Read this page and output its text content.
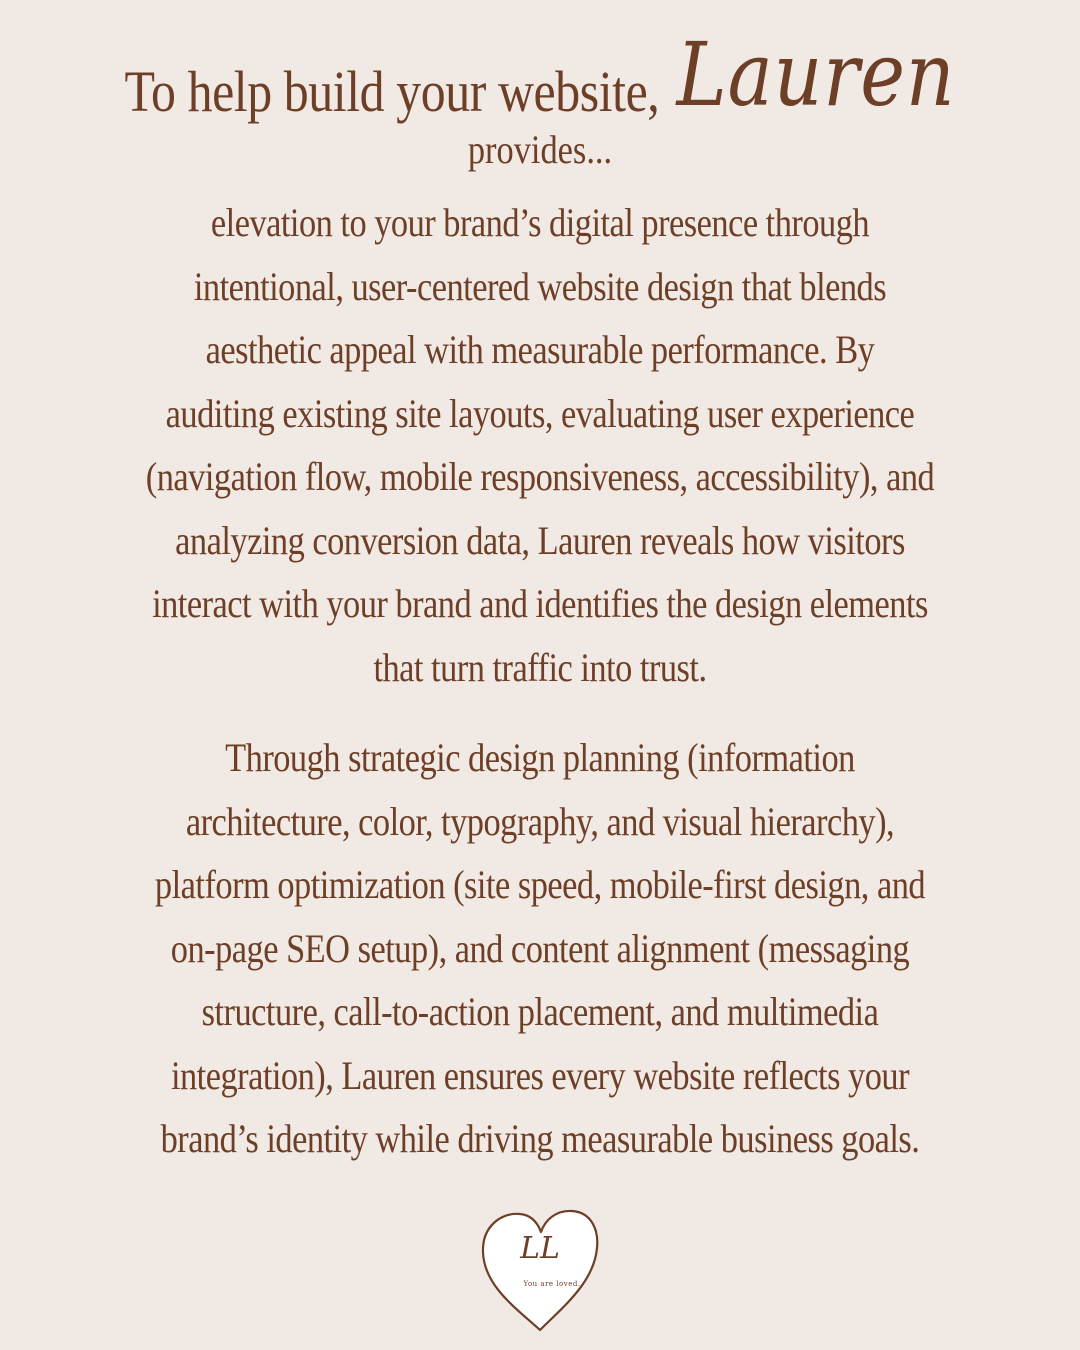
To help build your website, Lauren
provides...
elevation to your brand’s digital presence through
intentional, user-centered website design that blends
aesthetic appeal with measurable performance. By
auditing existing site layouts, evaluating user experience
(navigation flow, mobile responsiveness, accessibility), and
analyzing conversion data, Lauren reveals how visitors
interact with your brand and identifies the design elements
that turn traffic into trust.
Through strategic design planning (information
architecture, color, typography, and visual hierarchy),
platform optimization (site speed, mobile-first design, and
on-page SEO setup), and content alignment (messaging
structure, call-to-action placement, and multimedia
integration), Lauren ensures every website reflects your
brand’s identity while driving measurable business goals.
LL
You are loved.
